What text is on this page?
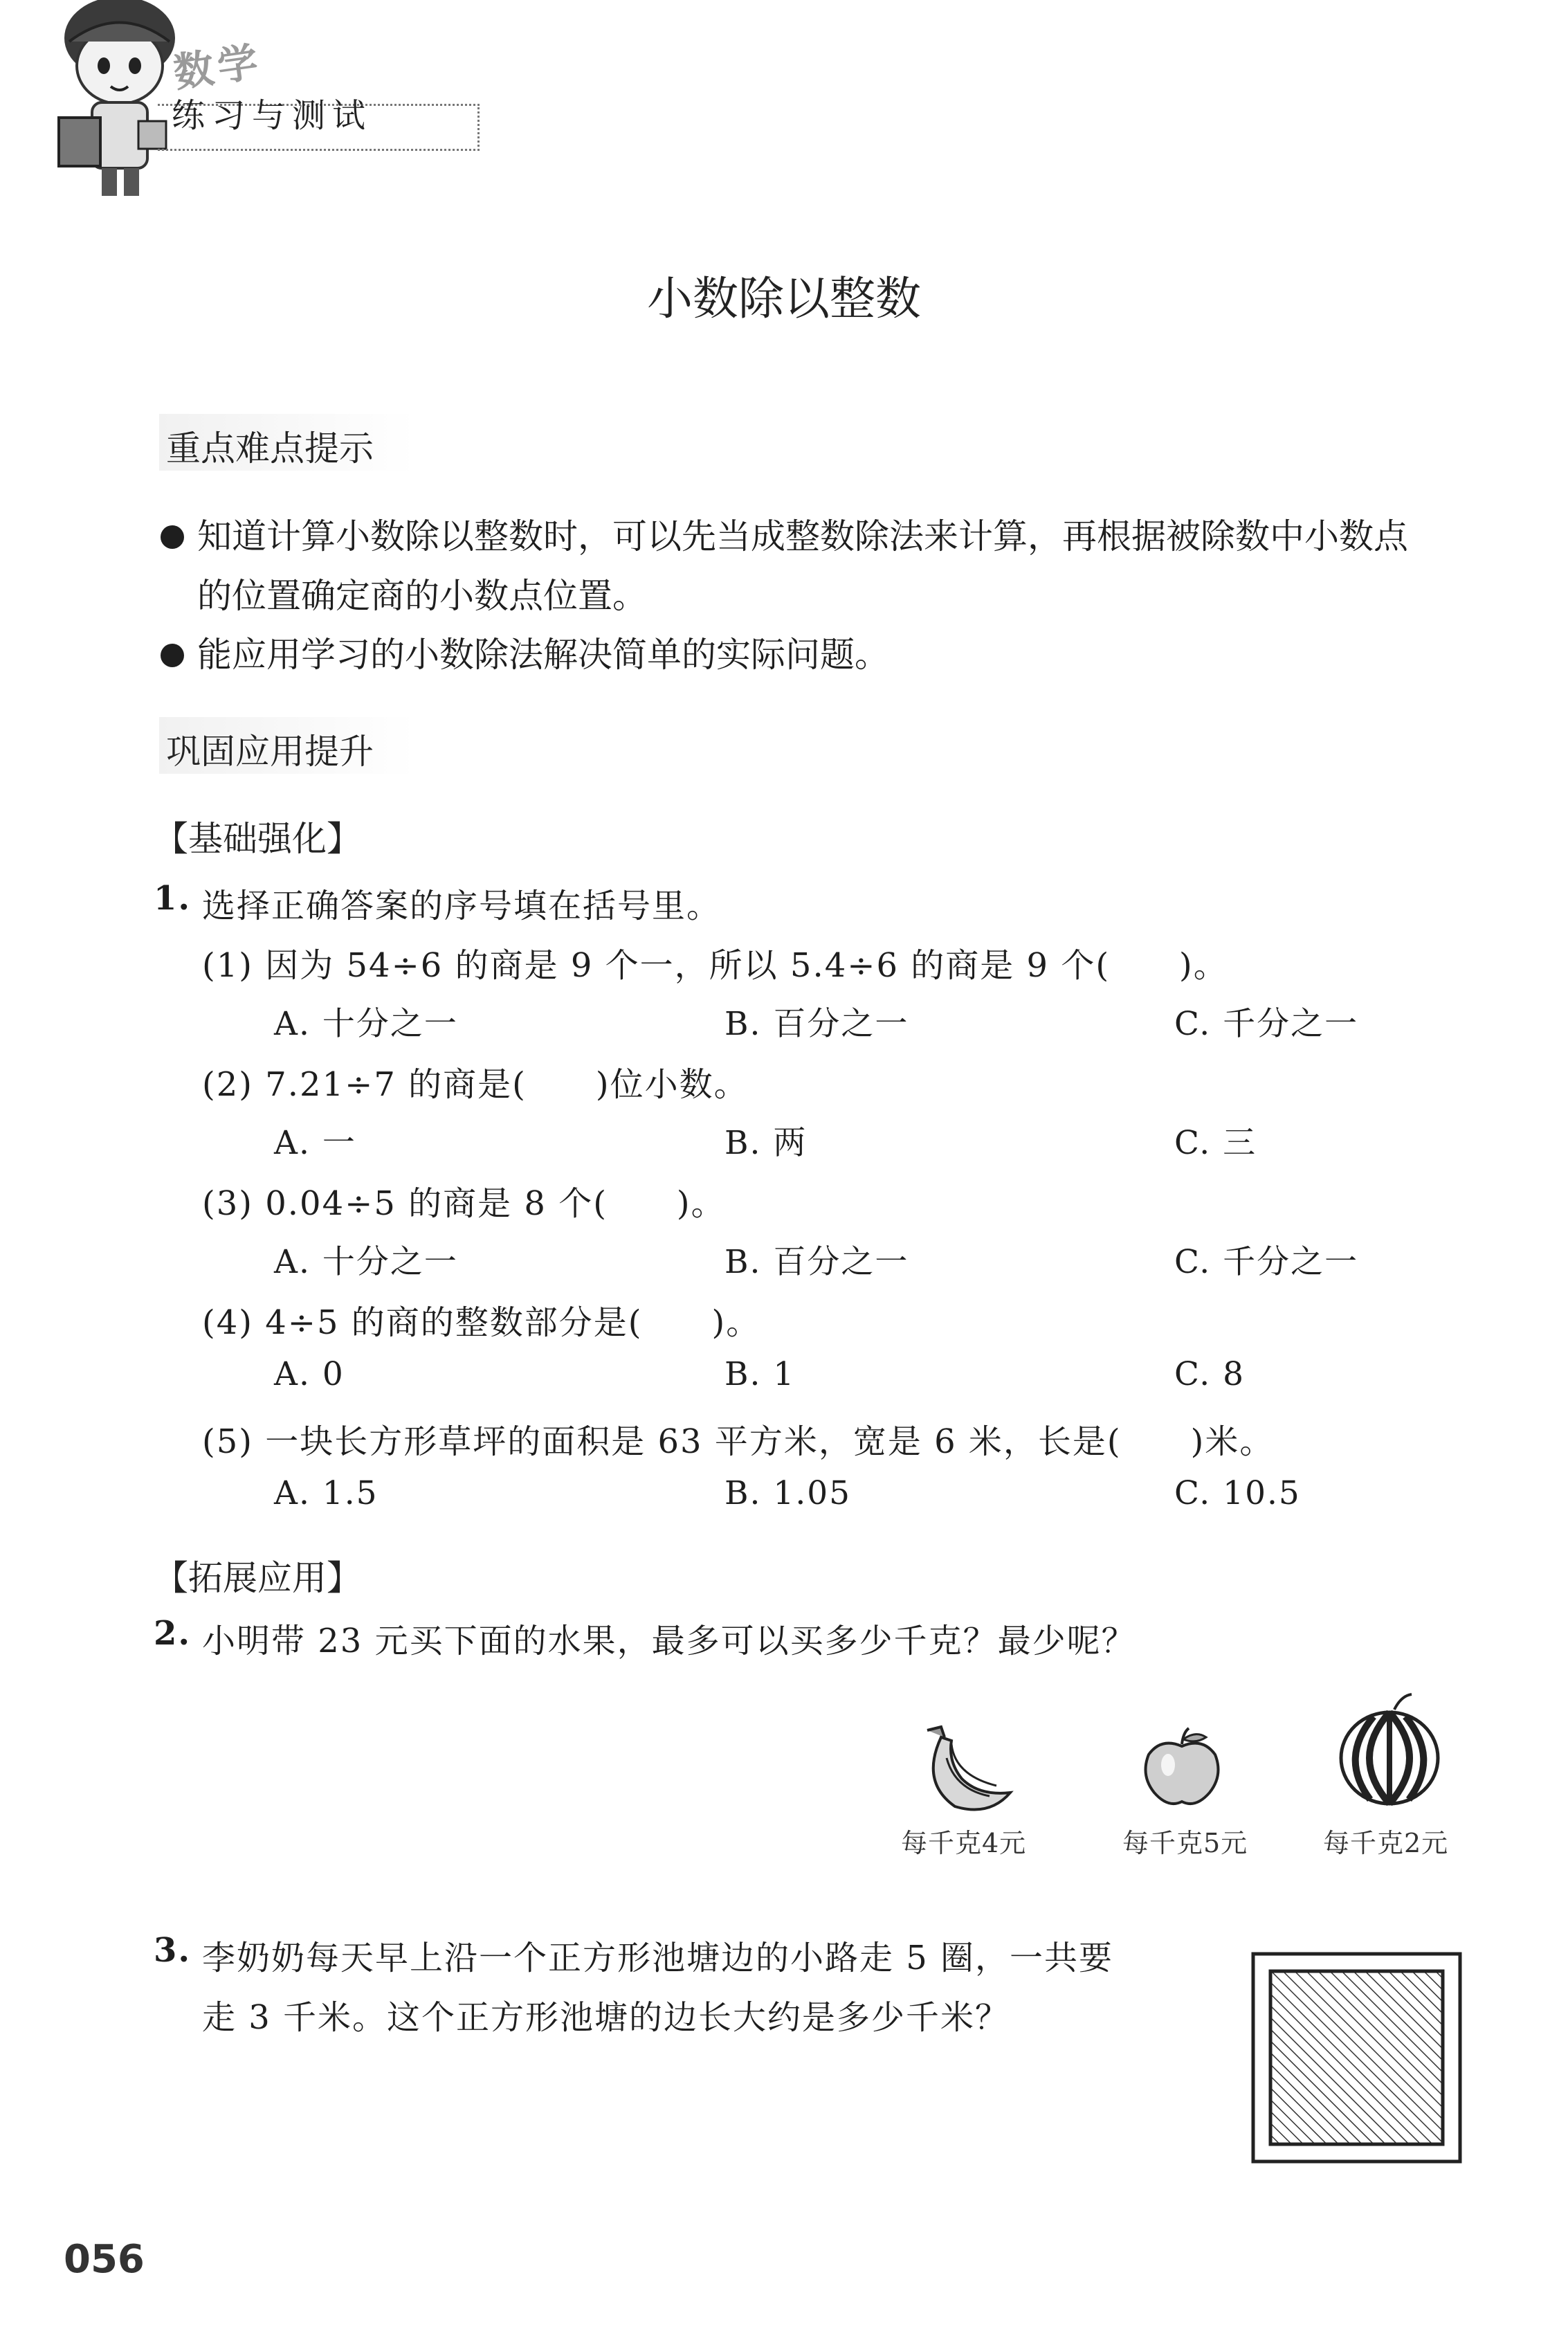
数学
练习与测试
小数除以整数
重点难点提示
知道计算小数除以整数时，可以先当成整数除法来计算，再根据被除数中小数点
的位置确定商的小数点位置。
能应用学习的小数除法解决简单的实际问题。
巩固应用提升
【基础强化】
1. 选择正确答案的序号填在括号里。
(1) 因为 54÷6 的商是 9 个一，所以 5.4÷6 的商是 9 个(　　)。
A. 十分之一	B. 百分之一	C. 千分之一
(2) 7.21÷7 的商是(　　)位小数。
A. 一	B. 两	C. 三
(3) 0.04÷5 的商是 8 个(　　)。
A. 十分之一	B. 百分之一	C. 千分之一
(4) 4÷5 的商的整数部分是(　　)。
A. 0	B. 1	C. 8
(5) 一块长方形草坪的面积是 63 平方米，宽是 6 米，长是(　　)米。
A. 1.5	B. 1.05	C. 10.5
【拓展应用】
2. 小明带 23 元买下面的水果，最多可以买多少千克？最少呢？
每千克4元	每千克5元	每千克2元
3. 李奶奶每天早上沿一个正方形池塘边的小路走 5 圈，一共要
走 3 千米。这个正方形池塘的边长大约是多少千米？
056
